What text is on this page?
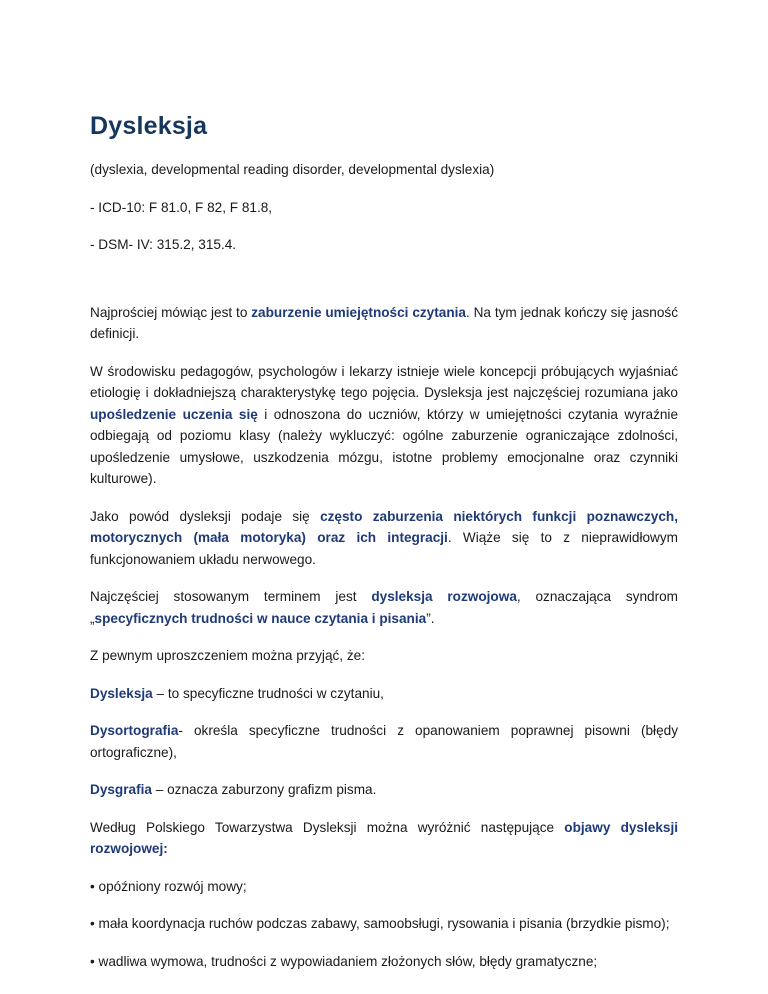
Dysleksja

(dyslexia, developmental reading disorder, developmental dyslexia)

- ICD-10: F 81.0, F 82, F 81.8,

- DSM- IV: 315.2, 315.4.

Najprościej mówiąc jest to zaburzenie umiejętności czytania. Na tym jednak kończy się jasność definicji.

W środowisku pedagogów, psychologów i lekarzy istnieje wiele koncepcji próbujących wyjaśniać etiologię i dokładniejszą charakterystykę tego pojęcia. Dysleksja jest najczęściej rozumiana jako upośledzenie uczenia się i odnoszona do uczniów, którzy w umiejętności czytania wyraźnie odbiegają od poziomu klasy (należy wykluczyć: ogólne zaburzenie ograniczające zdolności, upośledzenie umysłowe, uszkodzenia mózgu, istotne problemy emocjonalne oraz czynniki kulturowe).

Jako powód dysleksji podaje się często zaburzenia niektórych funkcji poznawczych, motorycznych (mała motoryka) oraz ich integracji. Wiąże się to z nieprawidłowym funkcjonowaniem układu nerwowego.

Najczęściej stosowanym terminem jest dysleksja rozwojowa, oznaczająca syndrom „specyficznych trudności w nauce czytania i pisania”.

Z pewnym uproszczeniem można przyjąć, że:

Dysleksja – to specyficzne trudności w czytaniu,

Dysortografia- określa specyficzne trudności z opanowaniem poprawnej pisowni (błędy ortograficzne),

Dysgrafia – oznacza zaburzony grafizm pisma.

Według Polskiego Towarzystwa Dysleksji można wyróżnić następujące objawy dysleksji rozwojowej:

• opóźniony rozwój mowy;

• mała koordynacja ruchów podczas zabawy, samoobsługi, rysowania i pisania (brzydkie pismo);

• wadliwa wymowa, trudności z wypowiadaniem złożonych słów, błędy gramatyczne;
